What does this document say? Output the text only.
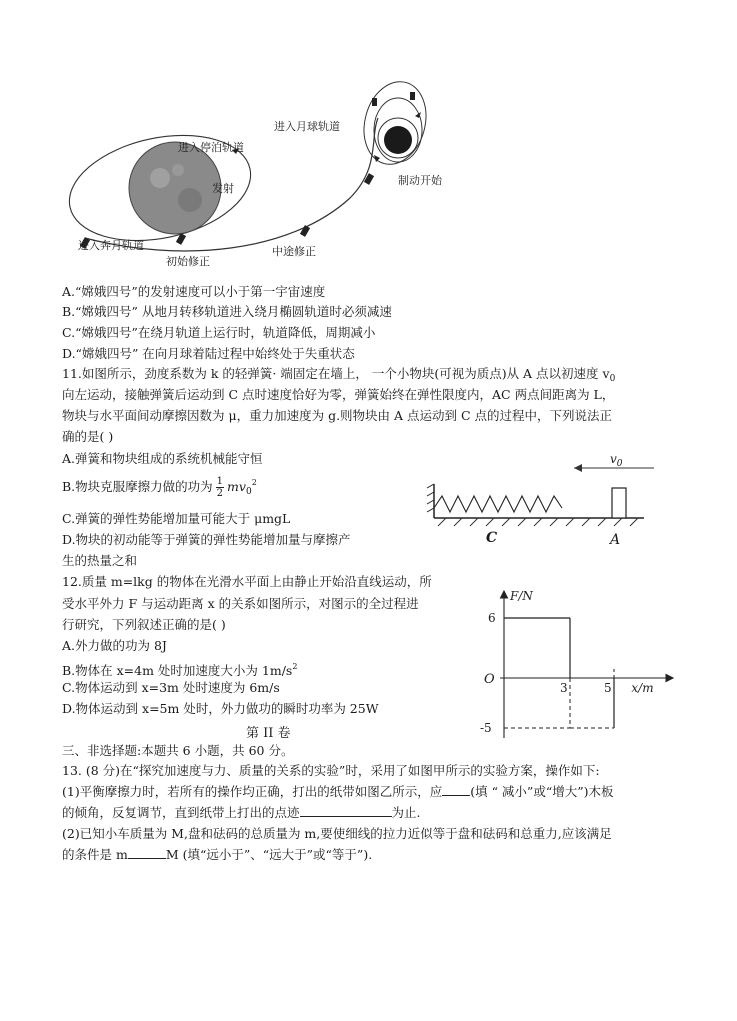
进入月球轨道
进入停泊轨道
发射
制动开始
进入奔月轨道
初始修正
中途修正
A.“嫦娥四号”的发射速度可以小于第一宇宙速度
B.“嫦娥四号” 从地月转移轨道进入绕月椭圆轨道时必须减速
C.“嫦娥四号”在绕月轨道上运行时，轨道降低，周期减小
D.“嫦娥四号” 在向月球着陆过程中始终处于失重状态
11.如图所示，劲度系数为 k 的轻弹簧· 端固定在墙上， 一个小物块(可视为质点)从 A 点以初速度 $v_0$
向左运动，接触弹簧后运动到 C 点时速度恰好为零，弹簧始终在弹性限度内，AC 两点间距离为 L，
物块与水平面间动摩擦因数为 μ，重力加速度为 g.则物块由 A 点运动到 C 点的过程中，下列说法正
确的是( )
A.弹簧和物块组成的系统机械能守恒
B.物块克服摩擦力做的功为 $\frac{1}{2} mv_0^2$
C.弹簧的弹性势能增加量可能大于 μmgL
D.物块的初动能等于弹簧的弹性势能增加量与摩擦产
生的热量之和
$v_0$
C	A
12.质量 m=lkg 的物体在光滑水平面上由静止开始沿直线运动，所
受水平外力 F 与运动距离 x 的关系如图所示，对图示的全过程进
行研究，下列叙述正确的是( )
A.外力做的功为 8J
B.物体在 x=4m 处时加速度大小为 $1m/s^2$
C.物体运动到 x=3m 处时速度为 6m/s
D.物体运动到 x=5m 处时，外力做功的瞬时功率为 25W
F/N
x/m
O
6
-5
3	5
第 II 卷
三、非选择题:本题共 6 小题，共 60 分。
13. (8 分)在“探究加速度与力、质量的关系的实验”时，采用了如图甲所示的实验方案，操作如下:
(1)平衡摩擦力时，若所有的操作均正确，打出的纸带如图乙所示，应 (填 “ 减小”或“增大”)木板
的倾角，反复调节，直到纸带上打出的点迹	为止.
(2)已知小车质量为 M,盘和砝码的总质量为 m,要使细线的拉力近似等于盘和砝码和总重力,应该满足
的条件是 m	M (填“远小于”、“远大于”或“等于”).
